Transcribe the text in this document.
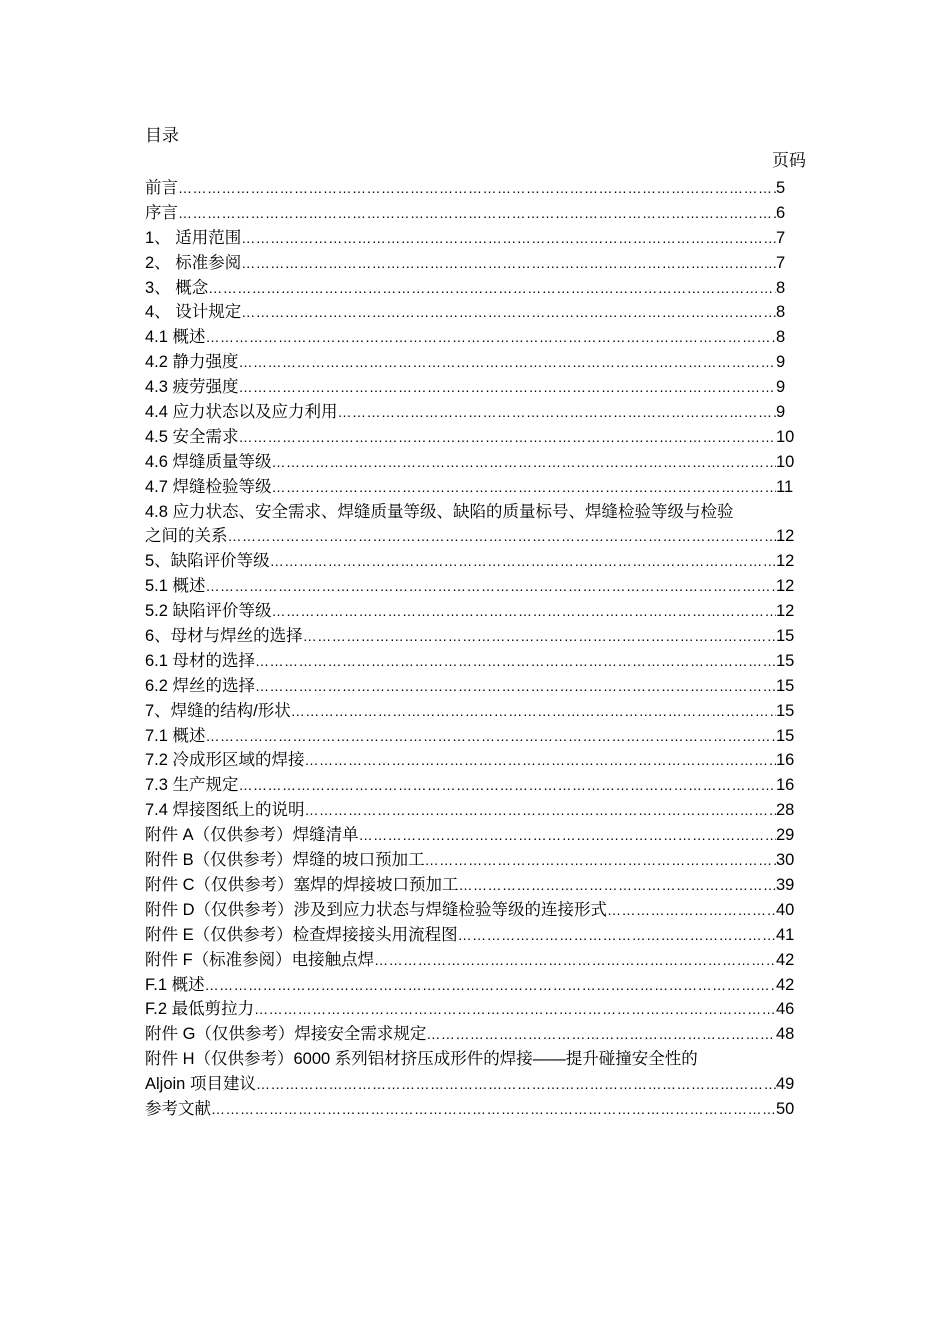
目录
页码
前言 ………………………………………………………………………………………………………………………………………………………………………………	5
序言 ………………………………………………………………………………………………………………………………………………………………………………	6
1、 适用范围 ………………………………………………………………………………………………………………………………………………………………………………	7
2、 标准参阅 ………………………………………………………………………………………………………………………………………………………………………………	7
3、 概念 ………………………………………………………………………………………………………………………………………………………………………………	8
4、 设计规定 ………………………………………………………………………………………………………………………………………………………………………………	8
4.1 概述 ………………………………………………………………………………………………………………………………………………………………………………	8
4.2 静力强度 ………………………………………………………………………………………………………………………………………………………………………………	9
4.3 疲劳强度 ………………………………………………………………………………………………………………………………………………………………………………	9
4.4 应力状态以及应力利用 ………………………………………………………………………………………………………………………………………………………………………………	9
4.5 安全需求 ………………………………………………………………………………………………………………………………………………………………………………	10
4.6 焊缝质量等级 ………………………………………………………………………………………………………………………………………………………………………………	10
4.7 焊缝检验等级 ………………………………………………………………………………………………………………………………………………………………………………	11
4.8 应力状态、安全需求、焊缝质量等级、缺陷的质量标号、焊缝检验等级与检验
之间的关系 ………………………………………………………………………………………………………………………………………………………………………………	12
5、缺陷评价等级 ………………………………………………………………………………………………………………………………………………………………………………	12
5.1 概述 ………………………………………………………………………………………………………………………………………………………………………………	12
5.2 缺陷评价等级 ………………………………………………………………………………………………………………………………………………………………………………	12
6、母材与焊丝的选择 ………………………………………………………………………………………………………………………………………………………………………………	15
6.1 母材的选择 ………………………………………………………………………………………………………………………………………………………………………………	15
6.2 焊丝的选择 ………………………………………………………………………………………………………………………………………………………………………………	15
7、焊缝的结构/形状 ………………………………………………………………………………………………………………………………………………………………………………	15
7.1 概述 ………………………………………………………………………………………………………………………………………………………………………………	15
7.2 冷成形区域的焊接 ………………………………………………………………………………………………………………………………………………………………………………	16
7.3 生产规定 ………………………………………………………………………………………………………………………………………………………………………………	16
7.4 焊接图纸上的说明 ………………………………………………………………………………………………………………………………………………………………………………	28
附件 A（仅供参考）焊缝清单 ………………………………………………………………………………………………………………………………………………………………………………	29
附件 B（仅供参考）焊缝的坡口预加工 ………………………………………………………………………………………………………………………………………………………………………………	30
附件 C（仅供参考）塞焊的焊接坡口预加工 ………………………………………………………………………………………………………………………………………………………………………………	39
附件 D（仅供参考）涉及到应力状态与焊缝检验等级的连接形式 ………………………………………………………………………………………………………………………………………………………………………………	40
附件 E（仅供参考）检查焊接接头用流程图 ………………………………………………………………………………………………………………………………………………………………………………	41
附件 F（标准参阅）电接触点焊 ………………………………………………………………………………………………………………………………………………………………………………	42
F.1 概述 ………………………………………………………………………………………………………………………………………………………………………………	42
F.2 最低剪拉力 ………………………………………………………………………………………………………………………………………………………………………………	46
附件 G（仅供参考）焊接安全需求规定 ………………………………………………………………………………………………………………………………………………………………………………	48
附件 H（仅供参考）6000 系列铝材挤压成形件的焊接——提升碰撞安全性的
Aljoin 项目建议 ………………………………………………………………………………………………………………………………………………………………………………	49
参考文献 ………………………………………………………………………………………………………………………………………………………………………………	50
